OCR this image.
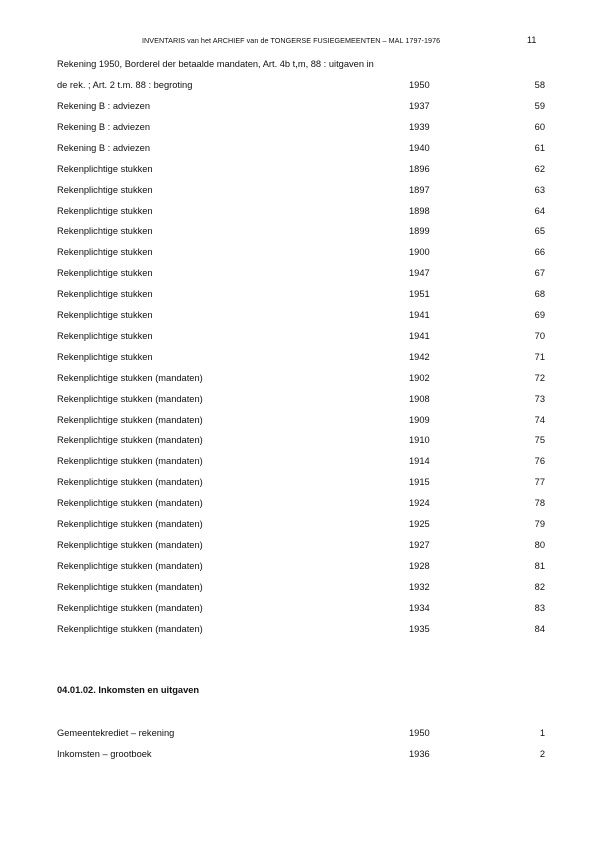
INVENTARIS van het ARCHIEF van de TONGERSE FUSIEGEMEENTEN – MAL 1797-1976	11
Rekening 1950, Borderel der betaalde mandaten, Art. 4b t,m, 88 : uitgaven in
de rek. ; Art. 2 t.m. 88 : begroting	1950	58
Rekening B : adviezen	1937	59
Rekening B : adviezen	1939	60
Rekening B : adviezen	1940	61
Rekenplichtige stukken	1896	62
Rekenplichtige stukken	1897	63
Rekenplichtige stukken	1898	64
Rekenplichtige stukken	1899	65
Rekenplichtige stukken	1900	66
Rekenplichtige stukken	1947	67
Rekenplichtige stukken	1951	68
Rekenplichtige stukken	1941	69
Rekenplichtige stukken	1941	70
Rekenplichtige stukken	1942	71
Rekenplichtige stukken (mandaten)	1902	72
Rekenplichtige stukken (mandaten)	1908	73
Rekenplichtige stukken (mandaten)	1909	74
Rekenplichtige stukken (mandaten)	1910	75
Rekenplichtige stukken (mandaten)	1914	76
Rekenplichtige stukken (mandaten)	1915	77
Rekenplichtige stukken (mandaten)	1924	78
Rekenplichtige stukken (mandaten)	1925	79
Rekenplichtige stukken (mandaten)	1927	80
Rekenplichtige stukken (mandaten)	1928	81
Rekenplichtige stukken (mandaten)	1932	82
Rekenplichtige stukken (mandaten)	1934	83
Rekenplichtige stukken (mandaten)	1935	84
04.01.02. Inkomsten en uitgaven
Gemeentekrediet – rekening	1950	1
Inkomsten – grootboek	1936	2
